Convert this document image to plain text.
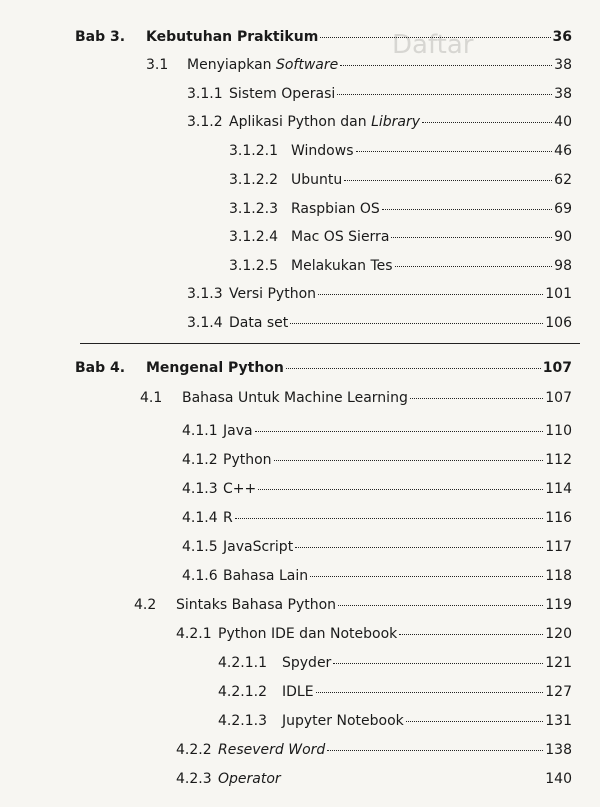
Daftar
Bab 3. Kebutuhan Praktikum	36
3.1 Menyiapkan Software	38
3.1.1 Sistem Operasi	38
3.1.2 Aplikasi Python dan Library	40
3.1.2.1 Windows	46
3.1.2.2 Ubuntu	62
3.1.2.3 Raspbian OS	69
3.1.2.4 Mac OS Sierra	90
3.1.2.5 Melakukan Tes	98
3.1.3 Versi Python	101
3.1.4 Data set	106
Bab 4. Mengenal Python	107
4.1 Bahasa Untuk Machine Learning	107
4.1.1 Java	110
4.1.2 Python	112
4.1.3 C++	114
4.1.4 R	116
4.1.5 JavaScript	117
4.1.6 Bahasa Lain	118
4.2 Sintaks Bahasa Python	119
4.2.1 Python IDE dan Notebook	120
4.2.1.1 Spyder	121
4.2.1.2 IDLE	127
4.2.1.3 Jupyter Notebook	131
4.2.2 Reseverd Word	138
4.2.3 Operator	140
